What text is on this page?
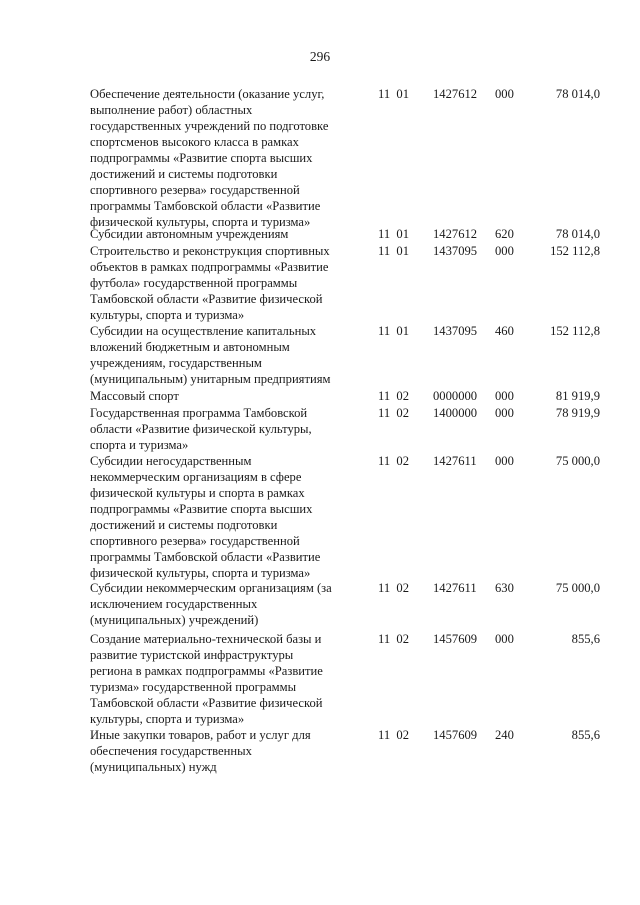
296
Обеспечение деятельности (оказание услуг,
выполнение работ) областных
государственных учреждений по подготовке
спортсменов высокого класса в рамках
подпрограммы «Развитие спорта высших
достижений и системы подготовки
спортивного резерва» государственной
программы Тамбовской области «Развитие
физической культуры, спорта и туризма»
11  01	1427612	000	78 014,0
Субсидии автономным учреждениям	11  01	1427612	620	78 014,0
Строительство и реконструкция спортивных
объектов в рамках подпрограммы «Развитие
футбола» государственной программы
Тамбовской области «Развитие физической
культуры, спорта и туризма»
11  01	1437095	000	152 112,8
Субсидии на осуществление капитальных
вложений бюджетным и автономным
учреждениям, государственным
(муниципальным) унитарным предприятиям
11  01	1437095	460	152 112,8
Массовый спорт	11  02	0000000	000	81 919,9
Государственная программа Тамбовской
области «Развитие физической культуры,
спорта и туризма»
11  02	1400000	000	78 919,9
Субсидии негосударственным
некоммерческим организациям в сфере
физической культуры и спорта в рамках
подпрограммы «Развитие спорта высших
достижений и системы подготовки
спортивного резерва» государственной
программы Тамбовской области «Развитие
физической культуры, спорта и туризма»
11  02	1427611	000	75 000,0
Субсидии некоммерческим организациям (за
исключением государственных
(муниципальных) учреждений)
11  02	1427611	630	75 000,0
Создание материально-технической базы и
развитие туристской инфраструктуры
региона в рамках подпрограммы «Развитие
туризма» государственной программы
Тамбовской области «Развитие физической
культуры, спорта и туризма»
11  02	1457609	000	855,6
Иные закупки товаров, работ и услуг для
обеспечения государственных
(муниципальных) нужд
11  02	1457609	240	855,6
